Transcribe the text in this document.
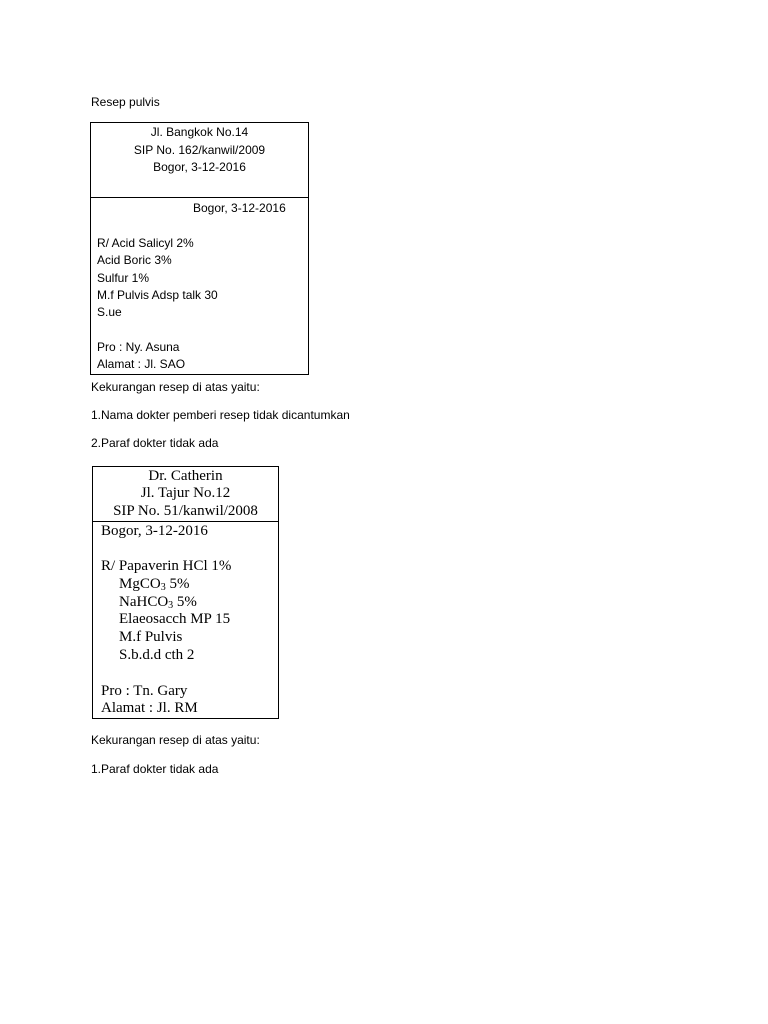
Resep pulvis
Jl. Bangkok No.14
SIP No. 162/kanwil/2009
Bogor, 3-12-2016
Bogor, 3-12-2016
R/ Acid Salicyl 2%
Acid Boric 3%
Sulfur 1%
M.f Pulvis Adsp talk 30
S.ue
Pro : Ny. Asuna
Alamat : Jl. SAO
Kekurangan resep di atas yaitu:
1.Nama dokter pemberi resep tidak dicantumkan
2.Paraf dokter tidak ada
Dr. Catherin
Jl. Tajur No.12
SIP No. 51/kanwil/2008
Bogor, 3-12-2016
R/ Papaverin HCl 1%
MgCO$_3$ 5%
NaHCO$_3$ 5%
Elaeosacch MP 15
M.f Pulvis
S.b.d.d cth 2
Pro : Tn. Gary
Alamat : Jl. RM
Kekurangan resep di atas yaitu:
1.Paraf dokter tidak ada
